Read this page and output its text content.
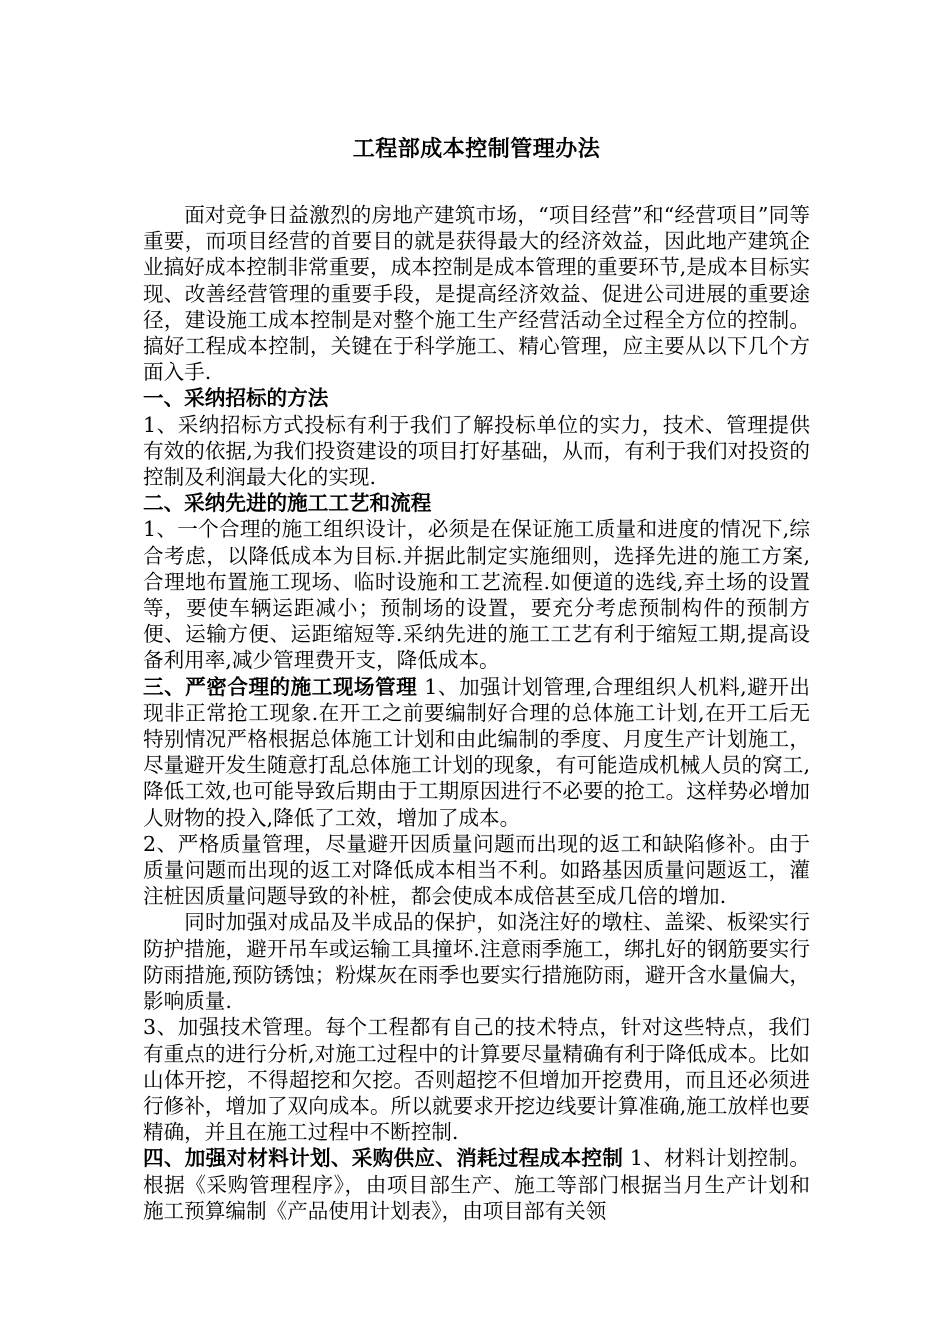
工程部成本控制管理办法

面对竞争日益激烈的房地产建筑市场，“项目经营”和“经营项目”同等重要，而项目经营的首要目的就是获得最大的经济效益，因此地产建筑企业搞好成本控制非常重要，成本控制是成本管理的重要环节,是成本目标实现、改善经营管理的重要手段，是提高经济效益、促进公司进展的重要途径，建设施工成本控制是对整个施工生产经营活动全过程全方位的控制。搞好工程成本控制，关键在于科学施工、精心管理，应主要从以下几个方面入手.

一、采纳招标的方法

1、采纳招标方式投标有利于我们了解投标单位的实力，技术、管理提供有效的依据,为我们投资建设的项目打好基础，从而，有利于我们对投资的控制及利润最大化的实现.

二、采纳先进的施工工艺和流程

1、一个合理的施工组织设计，必须是在保证施工质量和进度的情况下,综合考虑，以降低成本为目标.并据此制定实施细则，选择先进的施工方案,合理地布置施工现场、临时设施和工艺流程.如便道的选线,弃土场的设置等，要使车辆运距减小；预制场的设置，要充分考虑预制构件的预制方便、运输方便、运距缩短等.采纳先进的施工工艺有利于缩短工期,提高设备利用率,减少管理费开支，降低成本。

三、严密合理的施工现场管理 1、加强计划管理,合理组织人机料,避开出现非正常抢工现象.在开工之前要编制好合理的总体施工计划,在开工后无特别情况严格根据总体施工计划和由此编制的季度、月度生产计划施工，尽量避开发生随意打乱总体施工计划的现象，有可能造成机械人员的窝工,降低工效,也可能导致后期由于工期原因进行不必要的抢工。这样势必增加人财物的投入,降低了工效，增加了成本。

2、严格质量管理，尽量避开因质量问题而出现的返工和缺陷修补。由于质量问题而出现的返工对降低成本相当不利。如路基因质量问题返工，灌注桩因质量问题导致的补桩，都会使成本成倍甚至成几倍的增加.

同时加强对成品及半成品的保护，如浇注好的墩柱、盖梁、板梁实行防护措施，避开吊车或运输工具撞坏.注意雨季施工，绑扎好的钢筋要实行防雨措施,预防锈蚀；粉煤灰在雨季也要实行措施防雨，避开含水量偏大，影响质量.

3、加强技术管理。每个工程都有自己的技术特点，针对这些特点，我们有重点的进行分析,对施工过程中的计算要尽量精确有利于降低成本。比如山体开挖，不得超挖和欠挖。否则超挖不但增加开挖费用，而且还必须进行修补，增加了双向成本。所以就要求开挖边线要计算准确,施工放样也要精确，并且在施工过程中不断控制.

四、加强对材料计划、采购供应、消耗过程成本控制 1、材料计划控制。根据《采购管理程序》，由项目部生产、施工等部门根据当月生产计划和施工预算编制《产品使用计划表》，由项目部有关领
